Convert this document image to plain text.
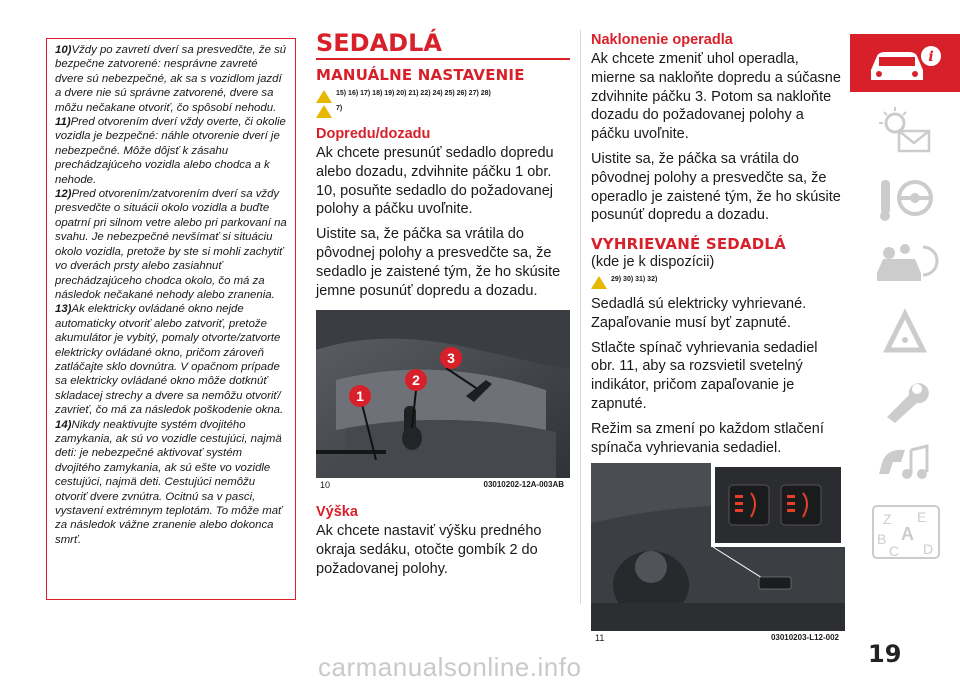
10)Vždy po zavretí dverí sa presvedčte, že sú bezpečne zatvorené: nesprávne zavreté dvere sú nebezpečné, ak sa s vozidlom jazdí a dvere nie sú správne zatvorené, dvere sa môžu nečakane otvoriť, čo spôsobí nehodu.

11)Pred otvorením dverí vždy overte, či okolie vozidla je bezpečné: náhle otvorenie dverí je nebezpečné. Môže dôjsť k zásahu prechádzajúceho vozidla alebo chodca a k nehode.

12)Pred otvorením/zatvorením dverí sa vždy presvedčte o situácii okolo vozidla a buďte opatrní pri silnom vetre alebo pri parkovaní na svahu. Je nebezpečné nevšímať si situáciu okolo vozidla, pretože by ste si mohli zachytiť vo dverách prsty alebo zasiahnuť prechádzajúceho chodca okolo, čo má za následok nečakané nehody alebo zranenia.

13)Ak elektricky ovládané okno nejde automaticky otvoriť alebo zatvoriť, pretože akumulátor je vybitý, pomaly otvorte/zatvorte elektricky ovládané okno, pričom zároveň zatláčajte sklo dovnútra. V opačnom prípade sa elektricky ovládané okno môže dotknúť skladacej strechy a dvere sa nemôžu otvoriť/ zavrieť, čo má za následok poškodenie okna.

14)Nikdy neaktivujte systém dvojitého zamykania, ak sú vo vozidle cestujúci, najmä deti: je nebezpečné aktivovať systém dvojitého zamykania, ak sú ešte vo vozidle cestujúci, najmä deti. Cestujúci nemôžu otvoriť dvere zvnútra. Ocitnú sa v pasci, vystavení extrémnym teplotám. To môže mať za následok vážne zranenie alebo dokonca smrť.

SEDADLÁ
MANUÁLNE NASTAVENIE
15) 16) 17) 18) 19) 20) 21) 22) 24) 25) 26) 27) 28)
7)
Dopredu/dozadu

Ak chcete presunúť sedadlo dopredu alebo dozadu, zdvihnite páčku 1 obr. 10, posuňte sedadlo do požadovanej polohy a páčku uvoľnite.

Uistite sa, že páčka sa vrátila do pôvodnej polohy a presvedčte sa, že sedadlo je zaistené tým, že ho skúsite jemne posunúť dopredu a dozadu.

1
2
3
10	03010202-12A-003AB
Výška

Ak chcete nastaviť výšku predného okraja sedáku, otočte gombík 2 do požadovanej polohy.

Naklonenie operadla

Ak chcete zmeniť uhol operadla, mierne sa nakloňte dopredu a súčasne zdvihnite páčku 3. Potom sa nakloňte dozadu do požadovanej polohy a páčku uvoľnite.

Uistite sa, že páčka sa vrátila do pôvodnej polohy a presvedčte sa, že operadlo je zaistené tým, že ho skúsite posunúť dopredu a dozadu.

VYHRIEVANÉ SEDADLÁ
(kde je k dispozícii)
29) 30) 31) 32)

Sedadlá sú elektricky vyhrievané. Zapaľovanie musí byť zapnuté.

Stlačte spínač vyhrievania sedadiel obr. 11, aby sa rozsvietil svetelný indikátor, pričom zapaľovanie je zapnuté.

Režim sa zmení po každom stlačení spínača vyhrievania sedadiel.

11	03010203-L12-002
i
Z E
A
B
C D
19
carmanualsonline.info
